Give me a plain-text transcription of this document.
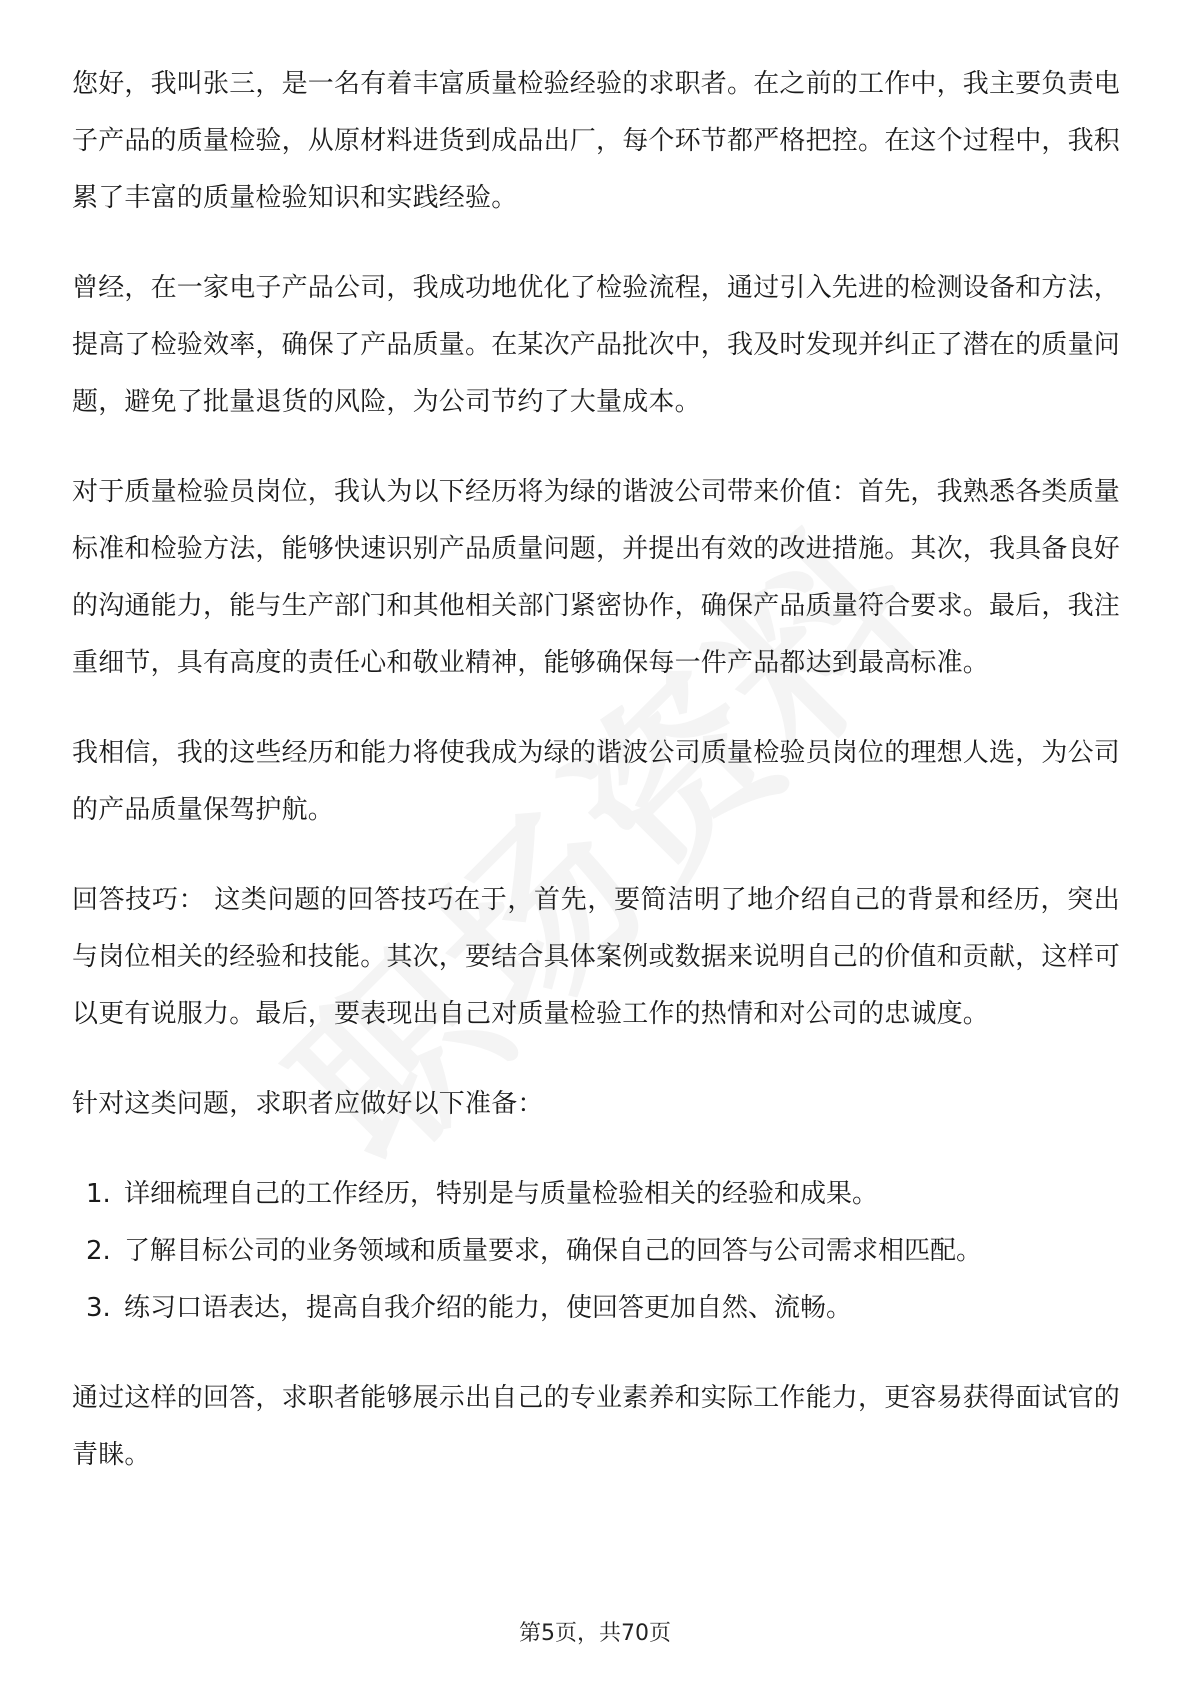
您好，我叫张三，是一名有着丰富质量检验经验的求职者。在之前的工作中，我主要负责电子产品的质量检验，从原材料进货到成品出厂，每个环节都严格把控。在这个过程中，我积累了丰富的质量检验知识和实践经验。

曾经，在一家电子产品公司，我成功地优化了检验流程，通过引入先进的检测设备和方法，提高了检验效率，确保了产品质量。在某次产品批次中，我及时发现并纠正了潜在的质量问题，避免了批量退货的风险，为公司节约了大量成本。

对于质量检验员岗位，我认为以下经历将为绿的谐波公司带来价值：首先，我熟悉各类质量标准和检验方法，能够快速识别产品质量问题，并提出有效的改进措施。其次，我具备良好的沟通能力，能与生产部门和其他相关部门紧密协作，确保产品质量符合要求。最后，我注重细节，具有高度的责任心和敬业精神，能够确保每一件产品都达到最高标准。

我相信，我的这些经历和能力将使我成为绿的谐波公司质量检验员岗位的理想人选，为公司的产品质量保驾护航。

回答技巧： 这类问题的回答技巧在于，首先，要简洁明了地介绍自己的背景和经历，突出与岗位相关的经验和技能。其次，要结合具体案例或数据来说明自己的价值和贡献，这样可以更有说服力。最后，要表现出自己对质量检验工作的热情和对公司的忠诚度。

针对这类问题，求职者应做好以下准备：

1. 详细梳理自己的工作经历，特别是与质量检验相关的经验和成果。
2. 了解目标公司的业务领域和质量要求，确保自己的回答与公司需求相匹配。
3. 练习口语表达，提高自我介绍的能力，使回答更加自然、流畅。

通过这样的回答，求职者能够展示出自己的专业素养和实际工作能力，更容易获得面试官的青睐。

第5页，共70页
